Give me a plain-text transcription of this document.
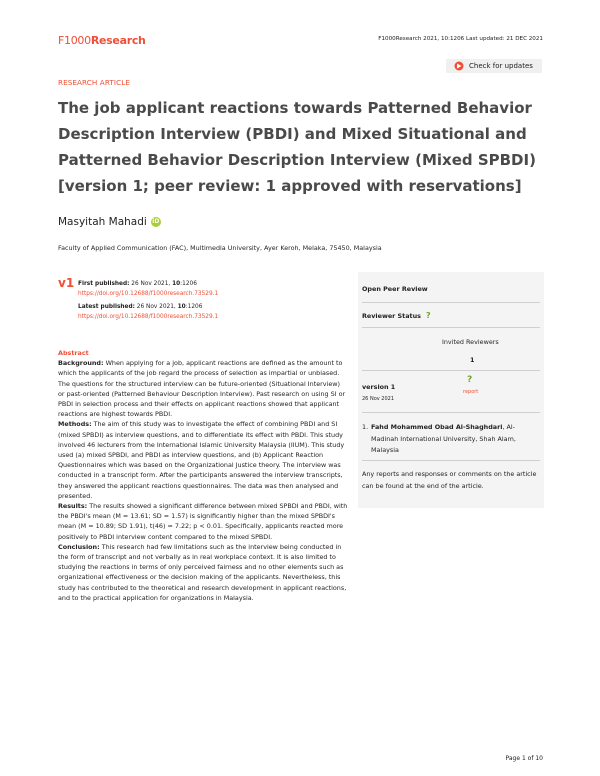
F1000Research	F1000Research 2021, 10:1206 Last updated: 21 DEC 2021
RESEARCH ARTICLE
Check for updates
The job applicant reactions towards Patterned Behavior Description Interview (PBDI) and Mixed Situational and Patterned Behavior Description Interview (Mixed SPBDI) [version 1; peer review: 1 approved with reservations]
Masyitah Mahadi iD
Faculty of Applied Communication (FAC), Multimedia University, Ayer Keroh, Melaka, 75450, Malaysia
v1 First published: 26 Nov 2021, 10:1206
https://doi.org/10.12688/f1000research.73529.1
Latest published: 26 Nov 2021, 10:1206
https://doi.org/10.12688/f1000research.73529.1

Abstract
Background: When applying for a job, applicant reactions are defined as the amount to which the applicants of the job regard the process of selection as impartial or unbiased. The questions for the structured interview can be future-oriented (Situational Interview) or past-oriented (Patterned Behaviour Description Interview). Past research on using SI or PBDI in selection process and their effects on applicant reactions showed that applicant reactions are highest towards PBDI.
Methods: The aim of this study was to investigate the effect of combining PBDI and SI (mixed SPBDI) as interview questions, and to differentiate its effect with PBDI. This study involved 46 lecturers from the International Islamic University Malaysia (IIUM). This study used (a) mixed SPBDI, and PBDI as interview questions, and (b) Applicant Reaction Questionnaires which was based on the Organizational Justice theory. The interview was conducted in a transcript form. After the participants answered the interview transcripts, they answered the applicant reactions questionnaires. The data was then analysed and presented.
Results: The results showed a significant difference between mixed SPBDI and PBDI, with the PBDI's mean (M = 13.61; SD = 1.57) is significantly higher than the mixed SPBDI's mean (M = 10.89; SD 1.91), t(46) = 7.22; p < 0.01. Specifically, applicants reacted more positively to PBDI interview content compared to the mixed SPBDI.
Conclusion: This research had few limitations such as the interview being conducted in the form of transcript and not verbally as in real workplace context. It is also limited to studying the reactions in terms of only perceived fairness and no other elements such as organizational effectiveness or the decision making of the applicants. Nevertheless, this study has contributed to the theoretical and research development in applicant reactions, and to the practical application for organizations in Malaysia.

Open Peer Review
Reviewer Status ?
Invited Reviewers
1
version 1
26 Nov 2021
?
report
1. Fahd Mohammed Obad Al-Shaghdari, Al-Madinah International University, Shah Alam, Malaysia
Any reports and responses or comments on the article can be found at the end of the article.
Page 1 of 10
